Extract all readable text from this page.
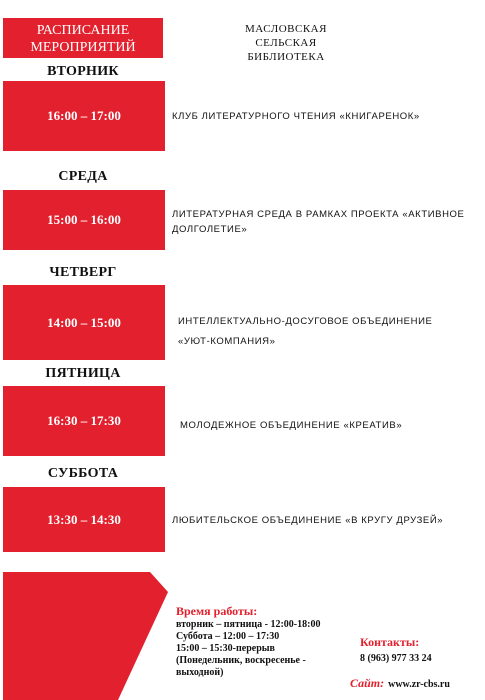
РАСПИСАНИЕ
МЕРОПРИЯТИЙ
МАСЛОВСКАЯ СЕЛЬСКАЯ
БИБЛИОТЕКА
ВТОРНИК
16:00 – 17:00	КЛУБ ЛИТЕРАТУРНОГО ЧТЕНИЯ «КНИГАРЕНОК»
СРЕДА
15:00 – 16:00	ЛИТЕРАТУРНАЯ СРЕДА В РАМКАХ ПРОЕКТА «АКТИВНОЕ
ДОЛГОЛЕТИЕ»
ЧЕТВЕРГ
14:00 – 15:00	ИНТЕЛЛЕКТУАЛЬНО-ДОСУГОВОЕ ОБЪЕДИНЕНИЕ
«УЮТ-КОМПАНИЯ»
ПЯТНИЦА
16:30 – 17:30	МОЛОДЕЖНОЕ ОБЪЕДИНЕНИЕ «КРЕАТИВ»
СУББОТА
13:30 – 14:30	ЛЮБИТЕЛЬСКОЕ ОБЪЕДИНЕНИЕ «В КРУГУ ДРУЗЕЙ»
Время работы:
вторник – пятница - 12:00-18:00
Суббота – 12:00 – 17:30
15:00 – 15:30-перерыв
(Понедельник, воскресенье -
выходной)
Контакты:
8 (963) 977 33 24
Сайт: www.zr-cbs.ru
